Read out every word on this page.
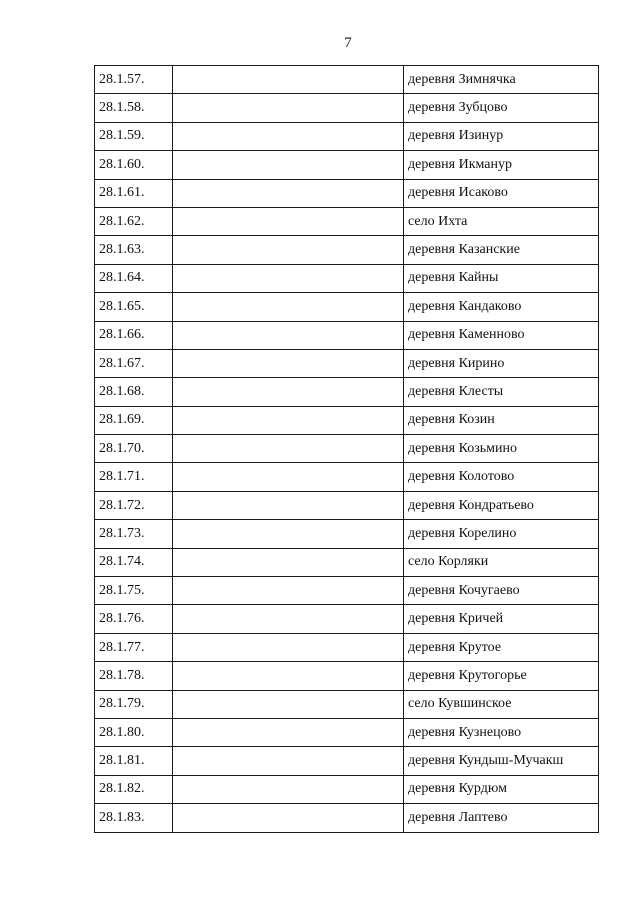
7
28.1.57.		деревня Зимнячка
28.1.58.		деревня Зубцово
28.1.59.		деревня Изинур
28.1.60.		деревня Икманур
28.1.61.		деревня Исаково
28.1.62.		село Ихта
28.1.63.		деревня Казанские
28.1.64.		деревня Кайны
28.1.65.		деревня Кандаково
28.1.66.		деревня Каменново
28.1.67.		деревня Кирино
28.1.68.		деревня Клесты
28.1.69.		деревня Козин
28.1.70.		деревня Козьмино
28.1.71.		деревня Колотово
28.1.72.		деревня Кондратьево
28.1.73.		деревня Корелино
28.1.74.		село Корляки
28.1.75.		деревня Кочугаево
28.1.76.		деревня Кричей
28.1.77.		деревня Крутое
28.1.78.		деревня Крутогорье
28.1.79.		село Кувшинское
28.1.80.		деревня Кузнецово
28.1.81.		деревня Кундыш-Мучакш
28.1.82.		деревня Курдюм
28.1.83.		деревня Лаптево
